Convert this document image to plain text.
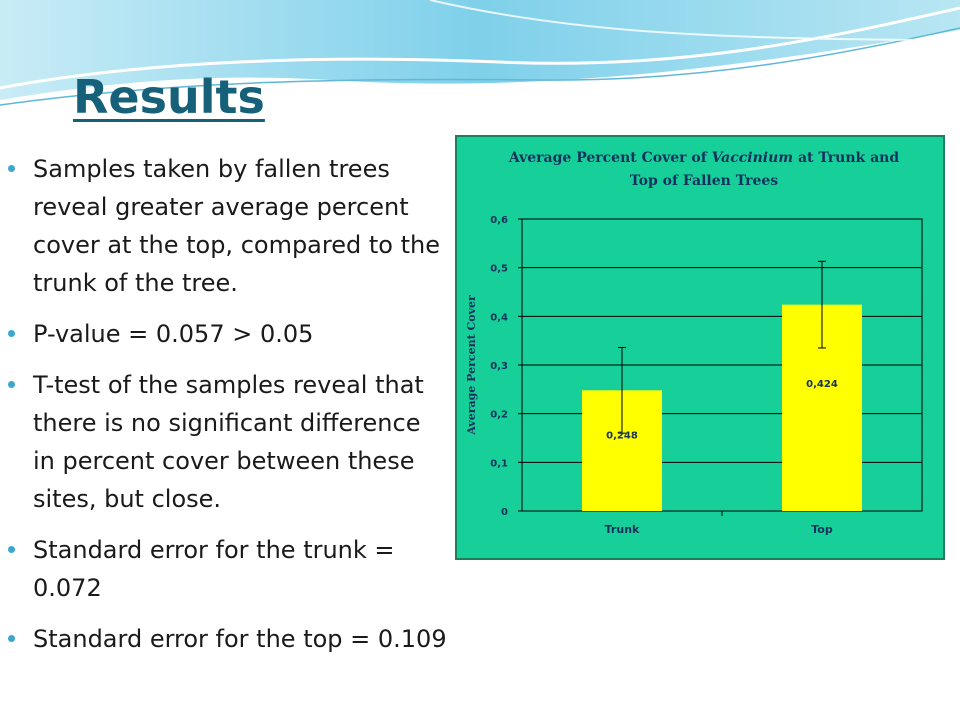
Results
Samples taken by fallen trees reveal greater average percent cover at the top, compared to the trunk of the tree.
P-value = 0.057 > 0.05
T-test of the samples reveal that there is no significant difference in percent cover between these sites, but close.
Standard error for the trunk = 0.072
Standard error for the top = 0.109
Average Percent Cover of Vaccinium at Trunk and
Top of Fallen Trees
0
0,1
0,2
0,3
0,4
0,5
0,6
0,248
0,424
Trunk	Top
Average Percent Cover
